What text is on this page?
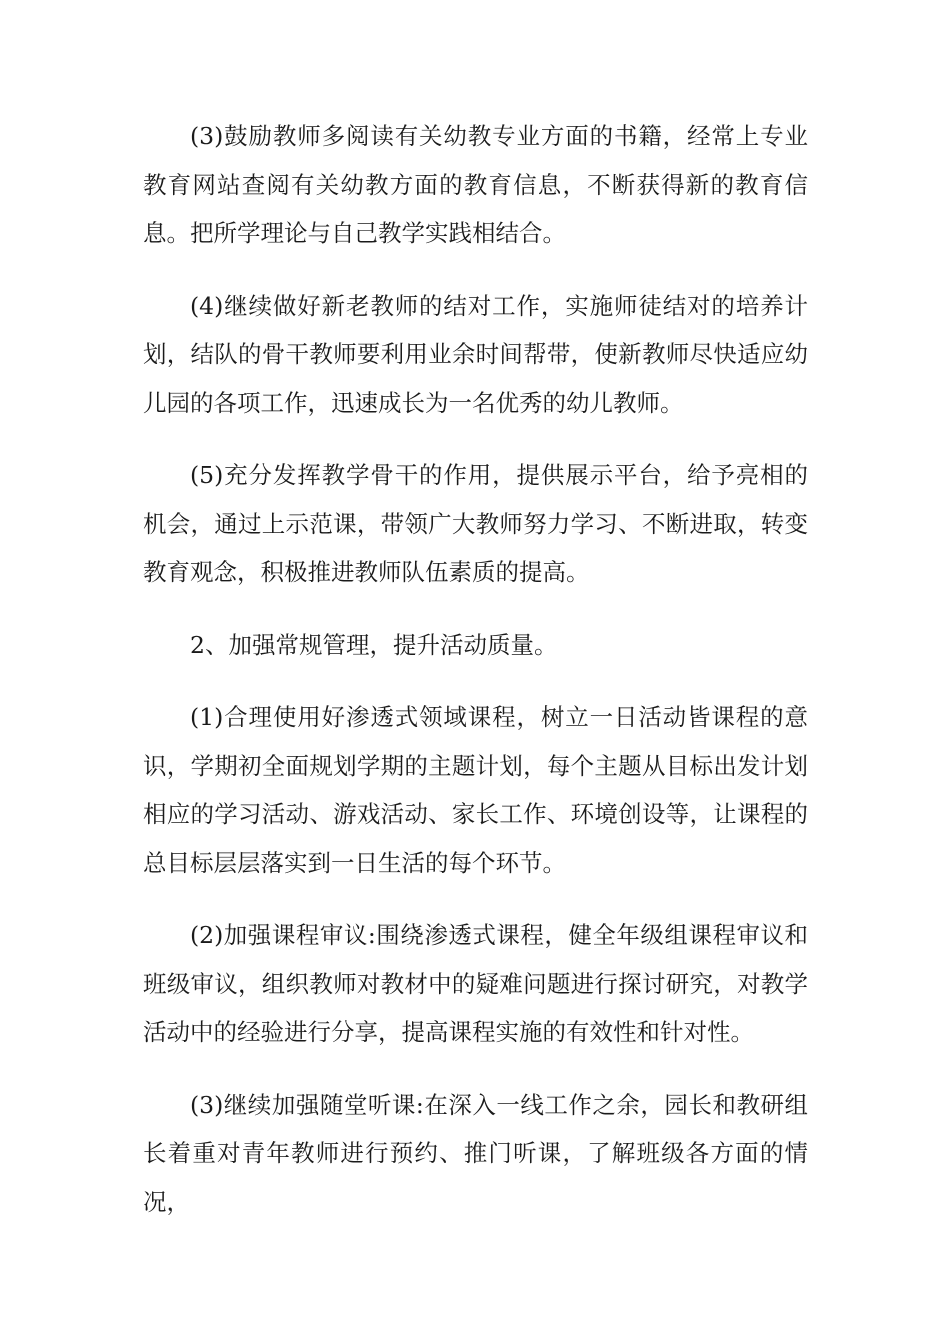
(3)鼓励教师多阅读有关幼教专业方面的书籍，经常上专业教育网站查阅有关幼教方面的教育信息，不断获得新的教育信息。把所学理论与自己教学实践相结合。

(4)继续做好新老教师的结对工作，实施师徒结对的培养计划，结队的骨干教师要利用业余时间帮带，使新教师尽快适应幼儿园的各项工作，迅速成长为一名优秀的幼儿教师。

(5)充分发挥教学骨干的作用，提供展示平台，给予亮相的机会，通过上示范课，带领广大教师努力学习、不断进取，转变教育观念，积极推进教师队伍素质的提高。

2、加强常规管理，提升活动质量。

(1)合理使用好渗透式领域课程，树立一日活动皆课程的意识，学期初全面规划学期的主题计划，每个主题从目标出发计划相应的学习活动、游戏活动、家长工作、环境创设等，让课程的总目标层层落实到一日生活的每个环节。

(2)加强课程审议:围绕渗透式课程，健全年级组课程审议和班级审议，组织教师对教材中的疑难问题进行探讨研究，对教学活动中的经验进行分享，提高课程实施的有效性和针对性。

(3)继续加强随堂听课:在深入一线工作之余，园长和教研组长着重对青年教师进行预约、推门听课，了解班级各方面的情况，
